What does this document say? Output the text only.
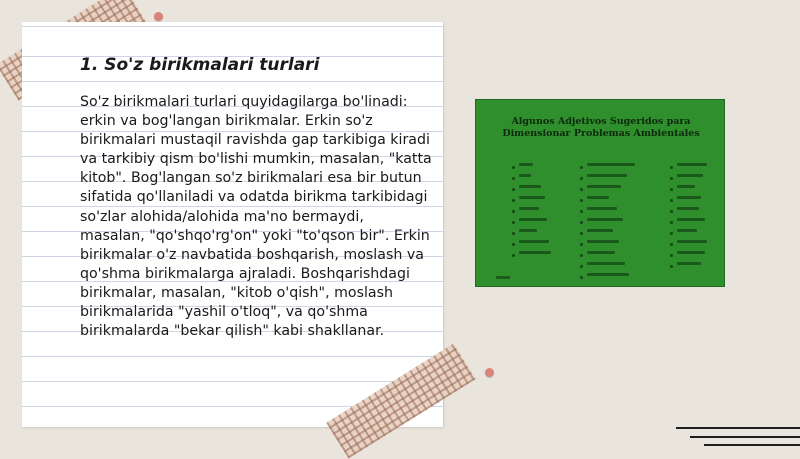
1. So'z birikmalari turlari

So'z birikmalari turlari quyidagilarga bo'linadi: erkin va bog'langan birikmalar. Erkin so'z birikmalari mustaqil ravishda gap tarkibiga kiradi va tarkibiy qism bo'lishi mumkin, masalan, "katta kitob". Bog'langan so'z birikmalari esa bir butun sifatida qo'llaniladi va odatda birikma tarkibidagi so'zlar alohida/alohida ma'no bermaydi, masalan, "qo'shqo'rg'on" yoki "to'qson bir". Erkin birikmalar o'z navbatida boshqarish, moslash va qo'shma birikmalarga ajraladi. Boshqarishdagi birikmalar, masalan, "kitob o'qish", moslash birikmalarida "yashil o'tloq", va qo'shma birikmalarda "bekar qilish" kabi shakllanar.

Algunos Adjetivos Sugeridos para
Dimensionar Problemas Ambientales
